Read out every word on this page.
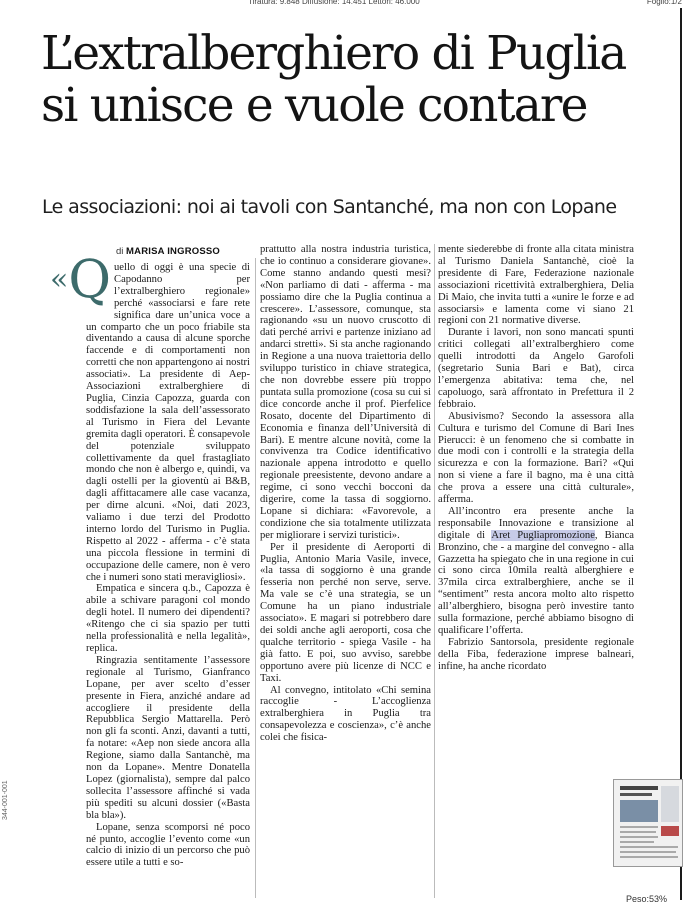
Tiratura: 9.848 Diffusione: 14.451 Lettori: 46.000	Foglio:1/2
L’extralberghiero di Puglia
si unisce e vuole contare
Le associazioni: noi ai tavoli con Santanché, ma non con Lopane
di MARISA INGROSSO

«Q uello di oggi è una specie di Capodanno per l’extralberghiero regionale» perché «associarsi e fare rete significa dare un’unica voce a un comparto che un poco friabile sta diventando a causa di alcune sporche faccende e di comportamenti non corretti che non appartengono ai nostri associati». La presidente di Aep-Associazioni extralberghiere di Puglia, Cinzia Capozza, guarda con soddisfazione la sala dell’assessorato al Turismo in Fiera del Levante gremita dagli operatori. È consapevole del potenziale sviluppato collettivamente da quel frastagliato mondo che non è albergo e, quindi, va dagli ostelli per la gioventù ai B&B, dagli affittacamere alle case vacanza, per dirne alcuni. «Noi, dati 2023, valiamo i due terzi del Prodotto interno lordo del Turismo in Puglia. Rispetto al 2022 - afferma - c’è stata una piccola flessione in termini di occupazione delle camere, non è vero che i numeri sono stati meravigliosi».

Empatica e sincera q.b., Capozza è abile a schivare paragoni col mondo degli hotel. Il numero dei dipendenti? «Ritengo che ci sia spazio per tutti nella professionalità e nella legalità», replica.

Ringrazia sentitamente l’assessore regionale al Turismo, Gianfranco Lopane, per aver scelto d’esser presente in Fiera, anziché andare ad accogliere il presidente della Repubblica Sergio Mattarella. Però non gli fa sconti. Anzi, davanti a tutti, fa notare: «Aep non siede ancora alla Regione, siamo dalla Santanchè, ma non da Lopane». Mentre Donatella Lopez (giornalista), sempre dal palco sollecita l’assessore affinché si vada più spediti su alcuni dossier («Basta bla bla»).

Lopane, senza scomporsi né poco né punto, accoglie l’evento come «un calcio di inizio di un percorso che può essere utile a tutti e so-

prattutto alla nostra industria turistica, che io continuo a considerare giovane». Come stanno andando questi mesi? «Non parliamo di dati - afferma - ma possiamo dire che la Puglia continua a crescere». L’assessore, comunque, sta ragionando «su un nuovo cruscotto di dati perché arrivi e partenze iniziano ad andarci stretti». Si sta anche ragionando in Regione a una nuova traiettoria dello sviluppo turistico in chiave strategica, che non dovrebbe essere più troppo puntata sulla promozione (cosa su cui si dice concorde anche il prof. Pierfelice Rosato, docente del Dipartimento di Economia e finanza dell’Università di Bari). E mentre alcune novità, come la convivenza tra Codice identificativo nazionale appena introdotto e quello regionale preesistente, devono andare a regime, ci sono vecchi bocconi da digerire, come la tassa di soggiorno. Lopane si dichiara: «Favorevole, a condizione che sia totalmente utilizzata per migliorare i servizi turistici».

Per il presidente di Aeroporti di Puglia, Antonio Maria Vasile, invece, «la tassa di soggiorno è una grande fesseria non perché non serve, serve. Ma vale se c’è una strategia, se un Comune ha un piano industriale associato». E magari si potrebbero dare dei soldi anche agli aeroporti, cosa che qualche territorio - spiega Vasile - ha già fatto. E poi, suo avviso, sarebbe opportuno avere più licenze di NCC e Taxi.

Al convegno, intitolato «Chi semina raccoglie - L’accoglienza extralberghiera in Puglia tra consapevolezza e coscienza», c’è anche colei che fisica-

mente siederebbe di fronte alla citata ministra al Turismo Daniela Santanchè, cioè la presidente di Fare, Federazione nazionale associazioni ricettività extralberghiera, Delia Di Maio, che invita tutti a «unire le forze e ad associarsi» e lamenta come vi siano 21 regioni con 21 normative diverse.

Durante i lavori, non sono mancati spunti critici collegati all’extralberghiero come quelli introdotti da Angelo Garofoli (segretario Sunia Bari e Bat), circa l’emergenza abitativa: tema che, nel capoluogo, sarà affrontato in Prefettura il 2 febbraio.

Abusivismo? Secondo la assessora alla Cultura e turismo del Comune di Bari Ines Pierucci: è un fenomeno che si combatte in due modi con i controlli e la strategia della sicurezza e con la formazione. Bari? «Qui non si viene a fare il bagno, ma è una città che prova a essere una città culturale», afferma.

All’incontro era presente anche la responsabile Innovazione e transizione al digitale di Aret Pugliapromozione, Bianca Bronzino, che - a margine del convegno - alla Gazzetta ha spiegato che in una regione in cui ci sono circa 10mila realtà alberghiere e 37mila circa extralberghiere, anche se il “sentiment” resta ancora molto alto rispetto all’alberghiero, bisogna però investire tanto sulla formazione, perché abbiamo bisogno di qualificare l’offerta.

Fabrizio Santorsola, presidente regionale della Fiba, federazione imprese balneari, infine, ha anche ricordato

344-001-001
Peso:53%
